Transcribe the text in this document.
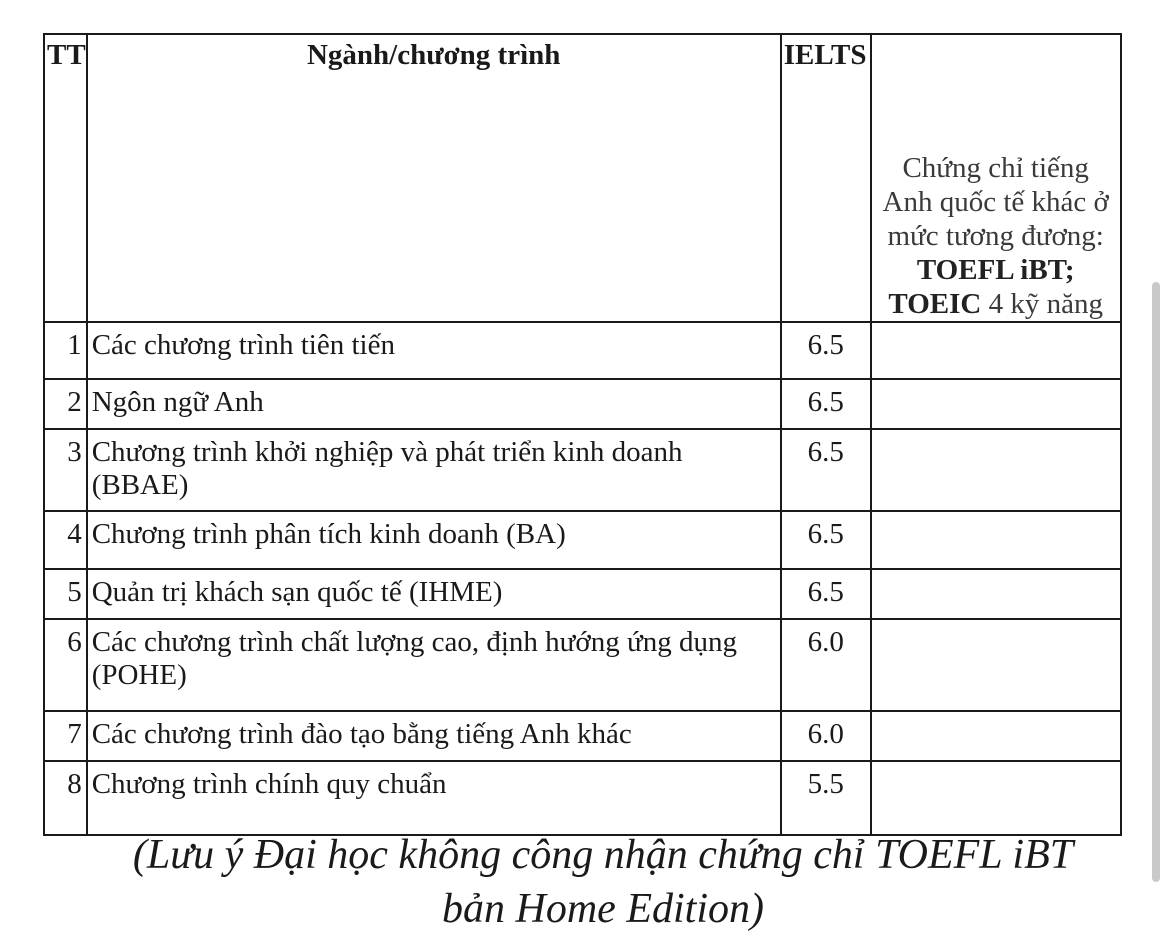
TT	Ngành/chương trình	IELTS	Chứng chỉ tiếng
Anh quốc tế khác ở
mức tương đương:
TOEFL iBT;
TOEIC 4 kỹ năng
1	Các chương trình tiên tiến	6.5	
2	Ngôn ngữ Anh	6.5	
3	Chương trình khởi nghiệp và phát triển kinh doanh (BBAE)	6.5	
4	Chương trình phân tích kinh doanh (BA)	6.5	
5	Quản trị khách sạn quốc tế (IHME)	6.5	
6	Các chương trình chất lượng cao, định hướng ứng dụng (POHE)	6.0	
7	Các chương trình đào tạo bằng tiếng Anh khác	6.0	
8	Chương trình chính quy chuẩn	5.5	
(Lưu ý Đại học không công nhận chứng chỉ TOEFL iBT
bản Home Edition)
